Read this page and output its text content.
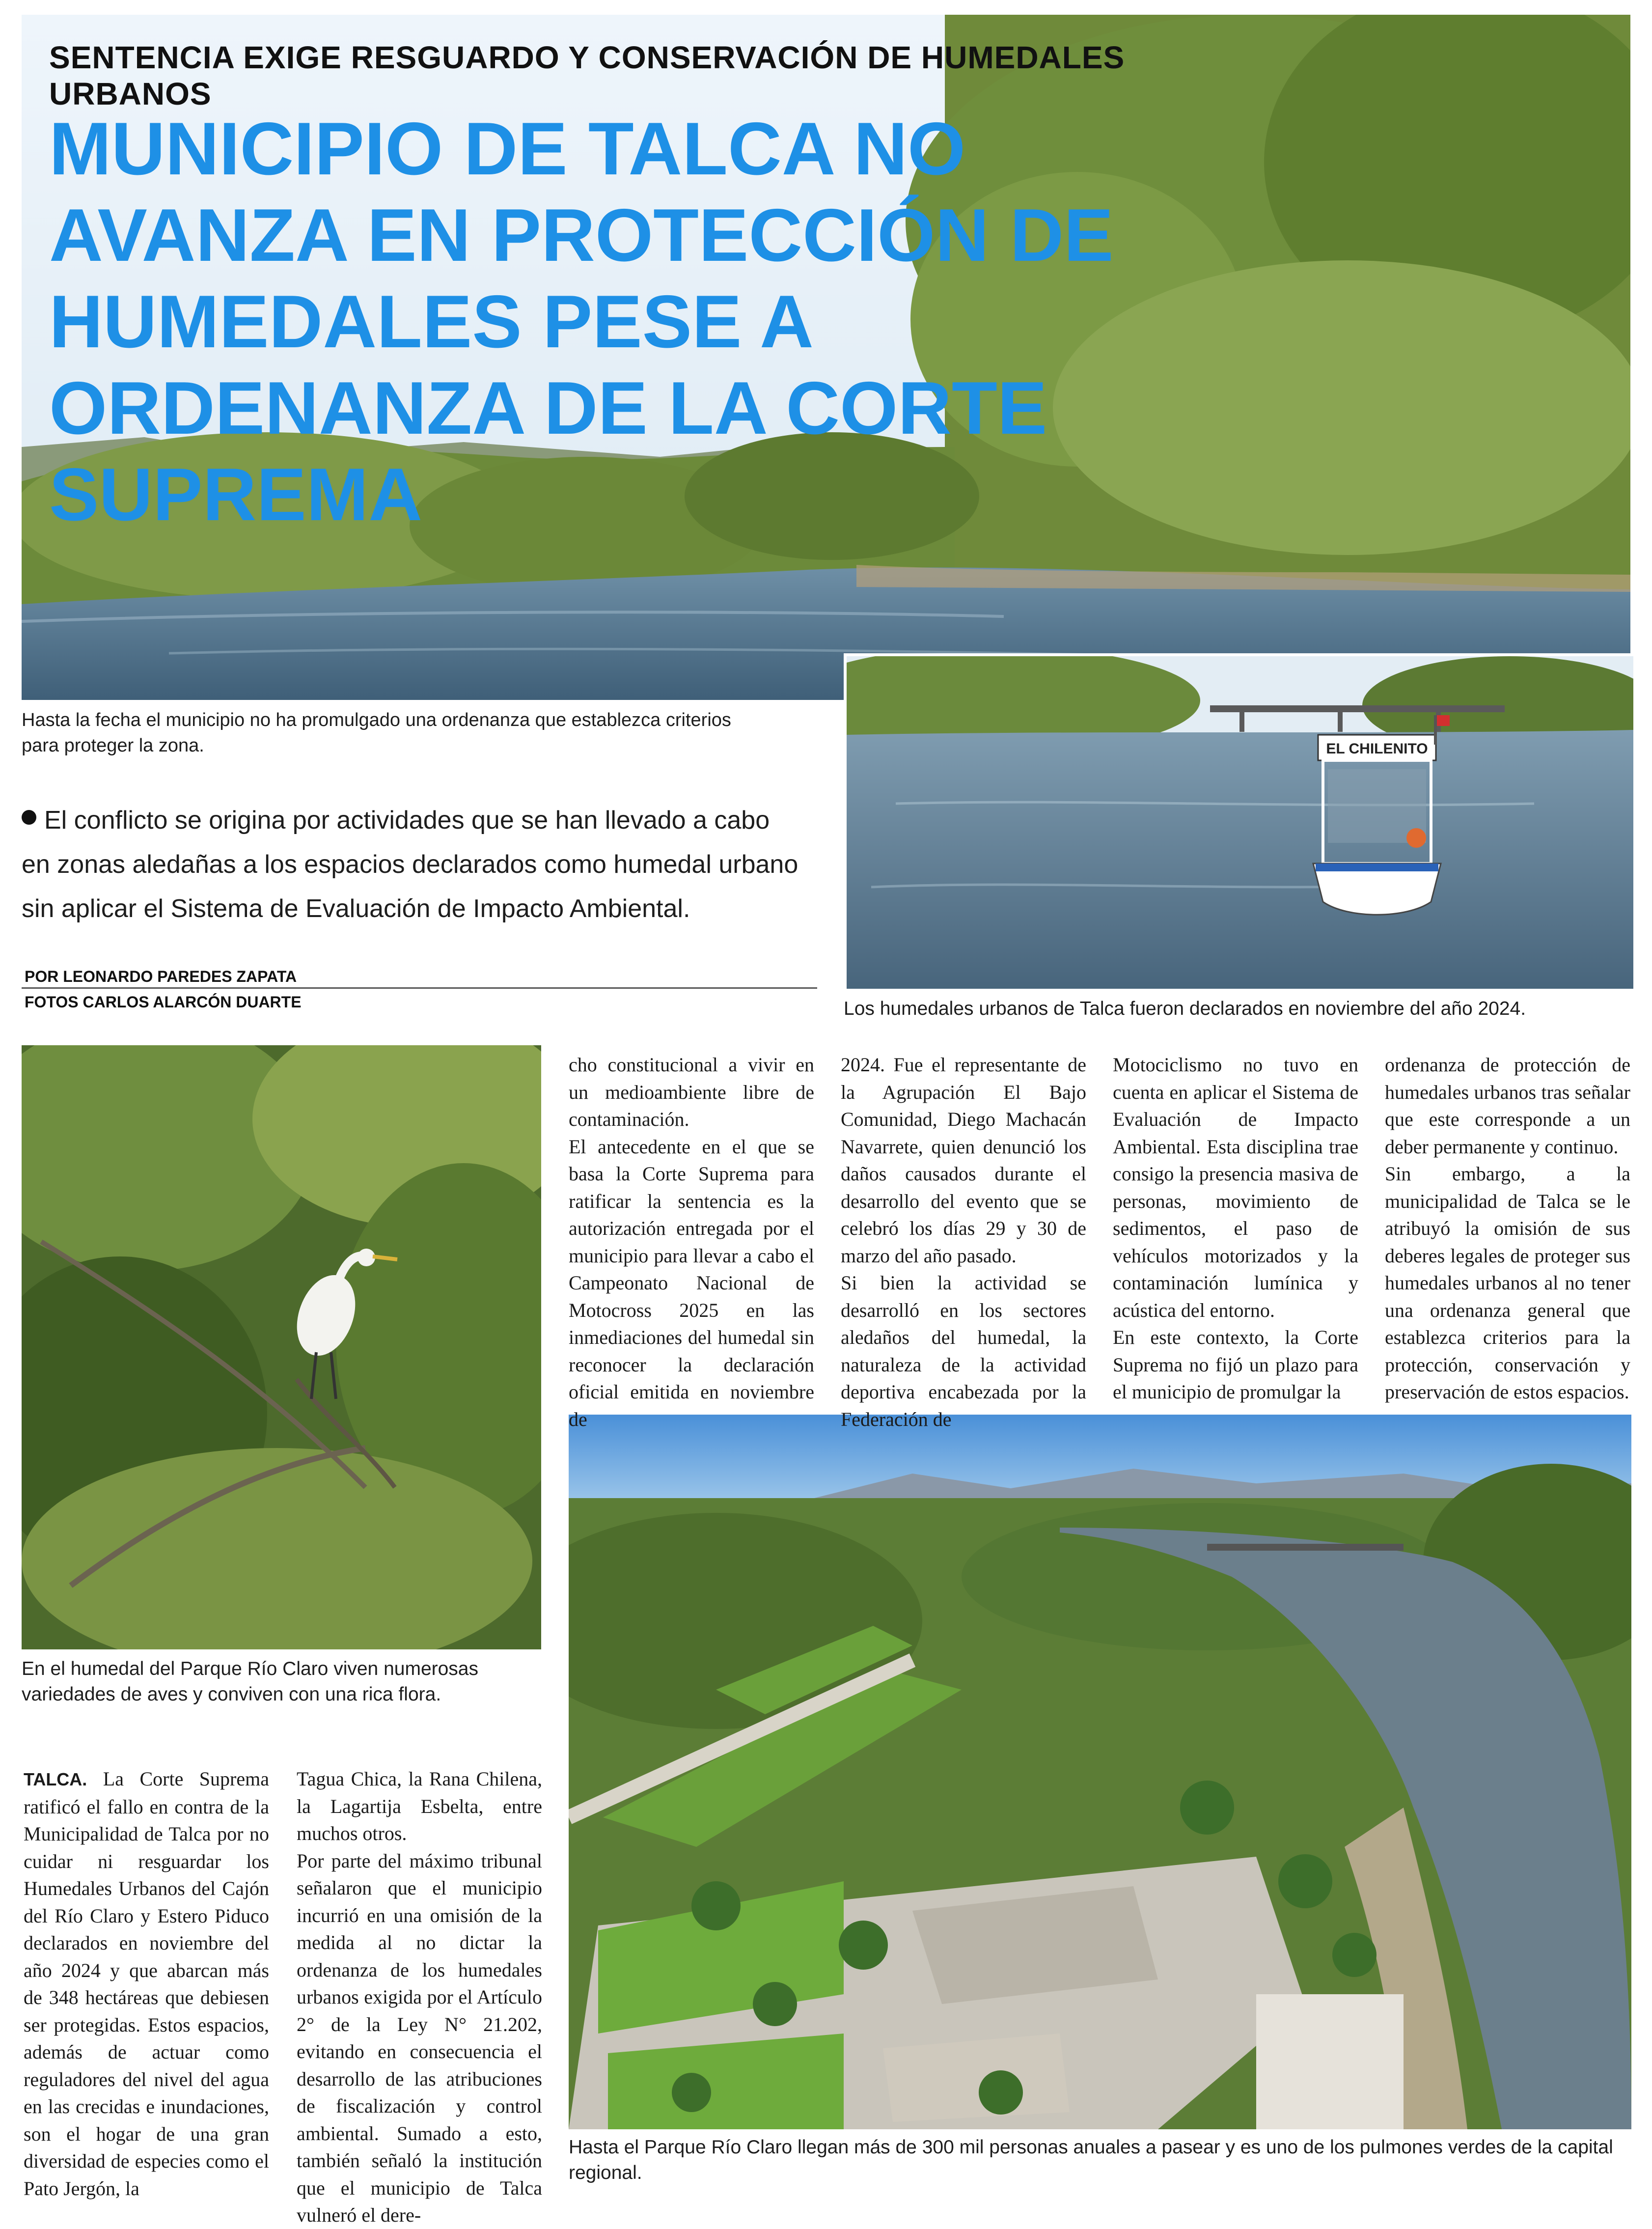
SENTENCIA EXIGE RESGUARDO Y CONSERVACIÓN DE HUMEDALES URBANOS
MUNICIPIO DE TALCA NO AVANZA EN PROTECCIÓN DE HUMEDALES PESE A ORDENANZA DE LA CORTE SUPREMA
EL CHILENITO
Hasta la fecha el municipio no ha promulgado una ordenanza que establezca criterios para proteger la zona.
Los humedales urbanos de Talca fueron declarados en noviembre del año 2024.
El conflicto se origina por actividades que se han llevado a cabo en zonas aledañas a los espacios declarados como humedal urbano sin aplicar el Sistema de Evaluación de Impacto Ambiental.
POR LEONARDO PAREDES ZAPATA
FOTOS CARLOS ALARCÓN DUARTE
En el humedal del Parque Río Claro viven numerosas variedades de aves y conviven con una rica flora.
Hasta el Parque Río Claro llegan más de 300 mil personas anuales a pasear y es uno de los pulmones verdes de la capital regional.

TALCA. La Corte Suprema ratificó el fallo en contra de la Municipalidad de Talca por no cuidar ni resguardar los Humedales Urbanos del Cajón del Río Claro y Estero Piduco declarados en noviembre del año 2024 y que abarcan más de 348 hectáreas que debiesen ser protegidas. Estos espacios, además de actuar como reguladores del nivel del agua en las crecidas e inundaciones, son el hogar de una gran diversidad de especies como el Pato Jergón, la

Tagua Chica, la Rana Chilena, la Lagartija Esbelta, entre muchos otros.

Por parte del máximo tribunal señalaron que el municipio incurrió en una omisión de la medida al no dictar la ordenanza de los humedales urbanos exigida por el Artículo 2° de la Ley N° 21.202, evitando en consecuencia el desarrollo de las atribuciones de fiscalización y control ambiental. Sumado a esto, también señaló la institución que el municipio de Talca vulneró el dere-

cho constitucional a vivir en un medioambiente libre de contaminación.

El antecedente en el que se basa la Corte Suprema para ratificar la sentencia es la autorización entregada por el municipio para llevar a cabo el Campeonato Nacional de Motocross 2025 en las inmediaciones del humedal sin reconocer la declaración oficial emitida en noviembre de

2024. Fue el representante de la Agrupación El Bajo Comunidad, Diego Machacán Navarrete, quien denunció los daños causados durante el desarrollo del evento que se celebró los días 29 y 30 de marzo del año pasado.

Si bien la actividad se desarrolló en los sectores aledaños del humedal, la naturaleza de la actividad deportiva encabezada por la Federación de

Motociclismo no tuvo en cuenta en aplicar el Sistema de Evaluación de Impacto Ambiental. Esta disciplina trae consigo la presencia masiva de personas, movimiento de sedimentos, el paso de vehículos motorizados y la contaminación lumínica y acústica del entorno.

En este contexto, la Corte Suprema no fijó un plazo para el municipio de promulgar la

ordenanza de protección de humedales urbanos tras señalar que este corresponde a un deber permanente y continuo.

Sin embargo, a la municipalidad de Talca se le atribuyó la omisión de sus deberes legales de proteger sus humedales urbanos al no tener una ordenanza general que establezca criterios para la protección, conservación y preservación de estos espacios.
